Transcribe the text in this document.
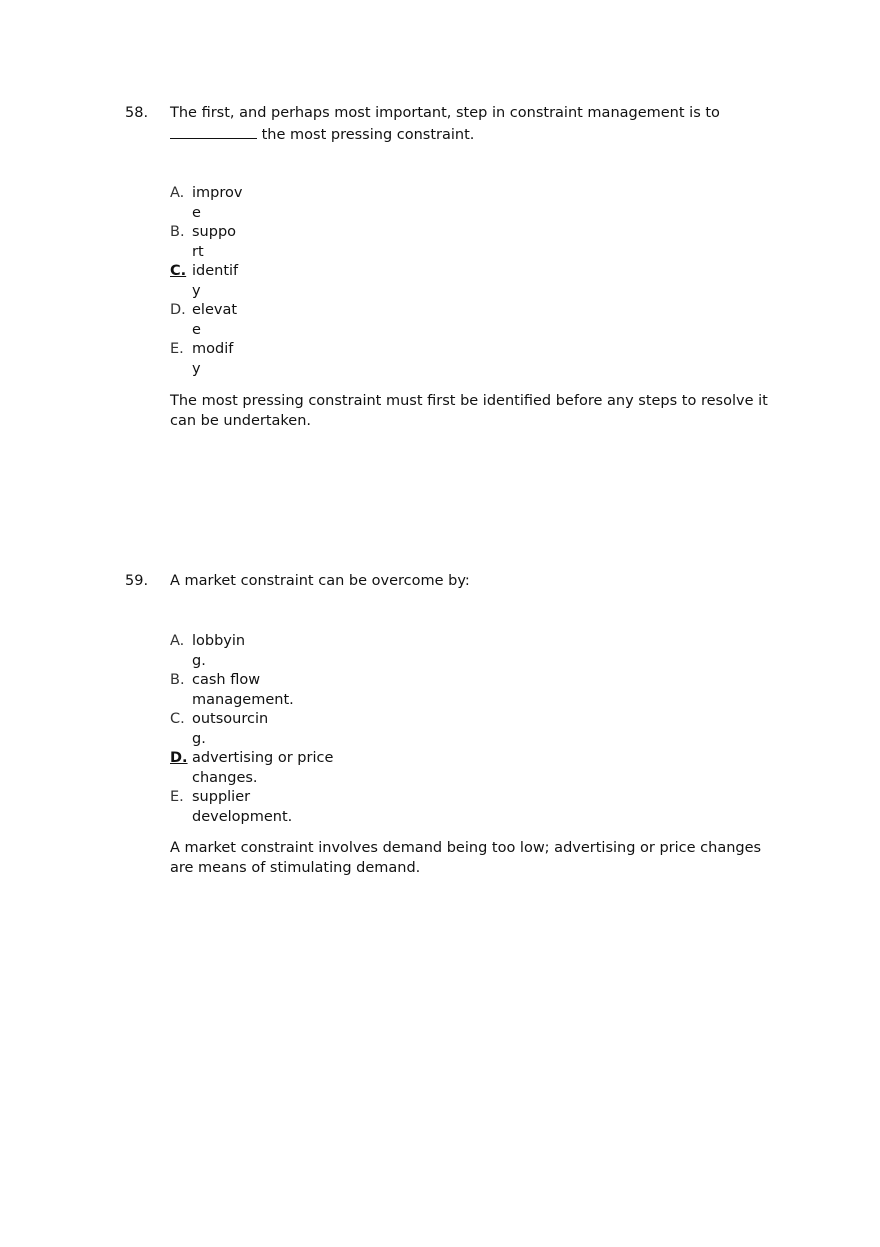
58. The first, and perhaps most important, step in constraint management is to
the most pressing constraint.
A. improv
e
B. suppo
rt
C. identif
y
D. elevat
e
E. modif
y
The most pressing constraint must first be identified before any steps to resolve it can be undertaken.
59. A market constraint can be overcome by:
A. lobbyin
g.
B. cash flow
management.
C. outsourcin
g.
D. advertising or price
changes.
E. supplier
development.
A market constraint involves demand being too low; advertising or price changes are means of stimulating demand.
